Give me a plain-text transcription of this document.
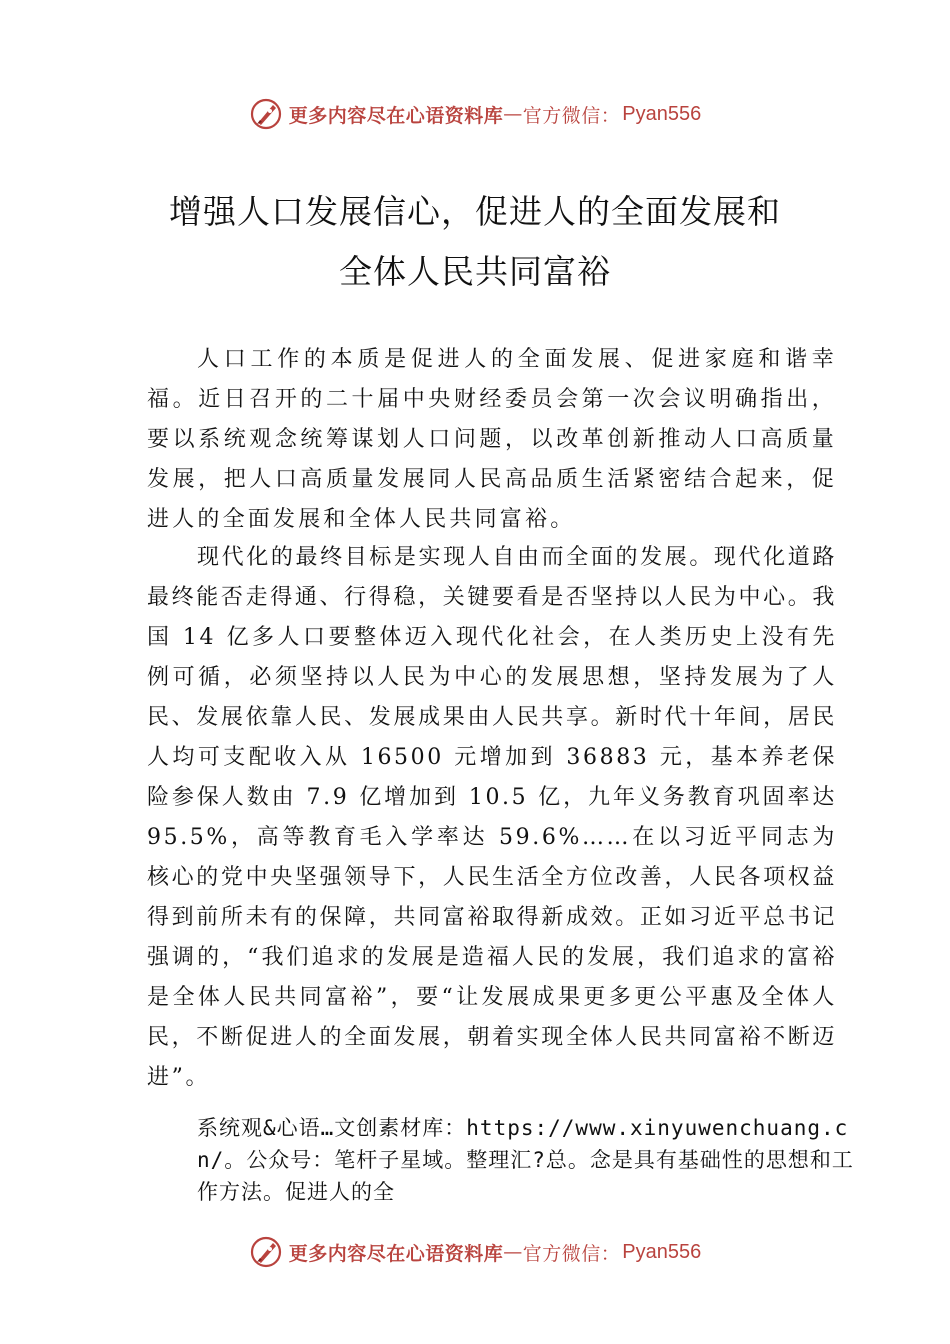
更多内容尽在心语资料库 — 官方微信： Pyan556
增强人口发展信心，促进人的全面发展和
全体人民共同富裕
人口工作的本质是促进人的全面发展、促进家庭和谐幸福。近日召开的二十届中央财经委员会第一次会议明确指出，要以系统观念统筹谋划人口问题，以改革创新推动人口高质量发展，把人口高质量发展同人民高品质生活紧密结合起来，促进人的全面发展和全体人民共同富裕。
现代化的最终目标是实现人自由而全面的发展。现代化道路最终能否走得通、行得稳，关键要看是否坚持以人民为中心。我国 14 亿多人口要整体迈入现代化社会，在人类历史上没有先例可循，必须坚持以人民为中心的发展思想，坚持发展为了人民、发展依靠人民、发展成果由人民共享。新时代十年间，居民人均可支配收入从 16500 元增加到 36883 元，基本养老保险参保人数由 7.9 亿增加到 10.5 亿，九年义务教育巩固率达 95.5%，高等教育毛入学率达 59.6%……在以习近平同志为核心的党中央坚强领导下，人民生活全方位改善，人民各项权益得到前所未有的保障，共同富裕取得新成效。正如习近平总书记强调的，“我们追求的发展是造福人民的发展，我们追求的富裕是全体人民共同富裕”，要“让发展成果更多更公平惠及全体人民，不断促进人的全面发展，朝着实现全体人民共同富裕不断迈进”。
系统观&心语…文创素材库：https://www.xinyuwenchuang.cn/。公众号：笔杆子星域。整理汇?总。念是具有基础性的思想和工作方法。促进人的全
更多内容尽在心语资料库 — 官方微信： Pyan556
